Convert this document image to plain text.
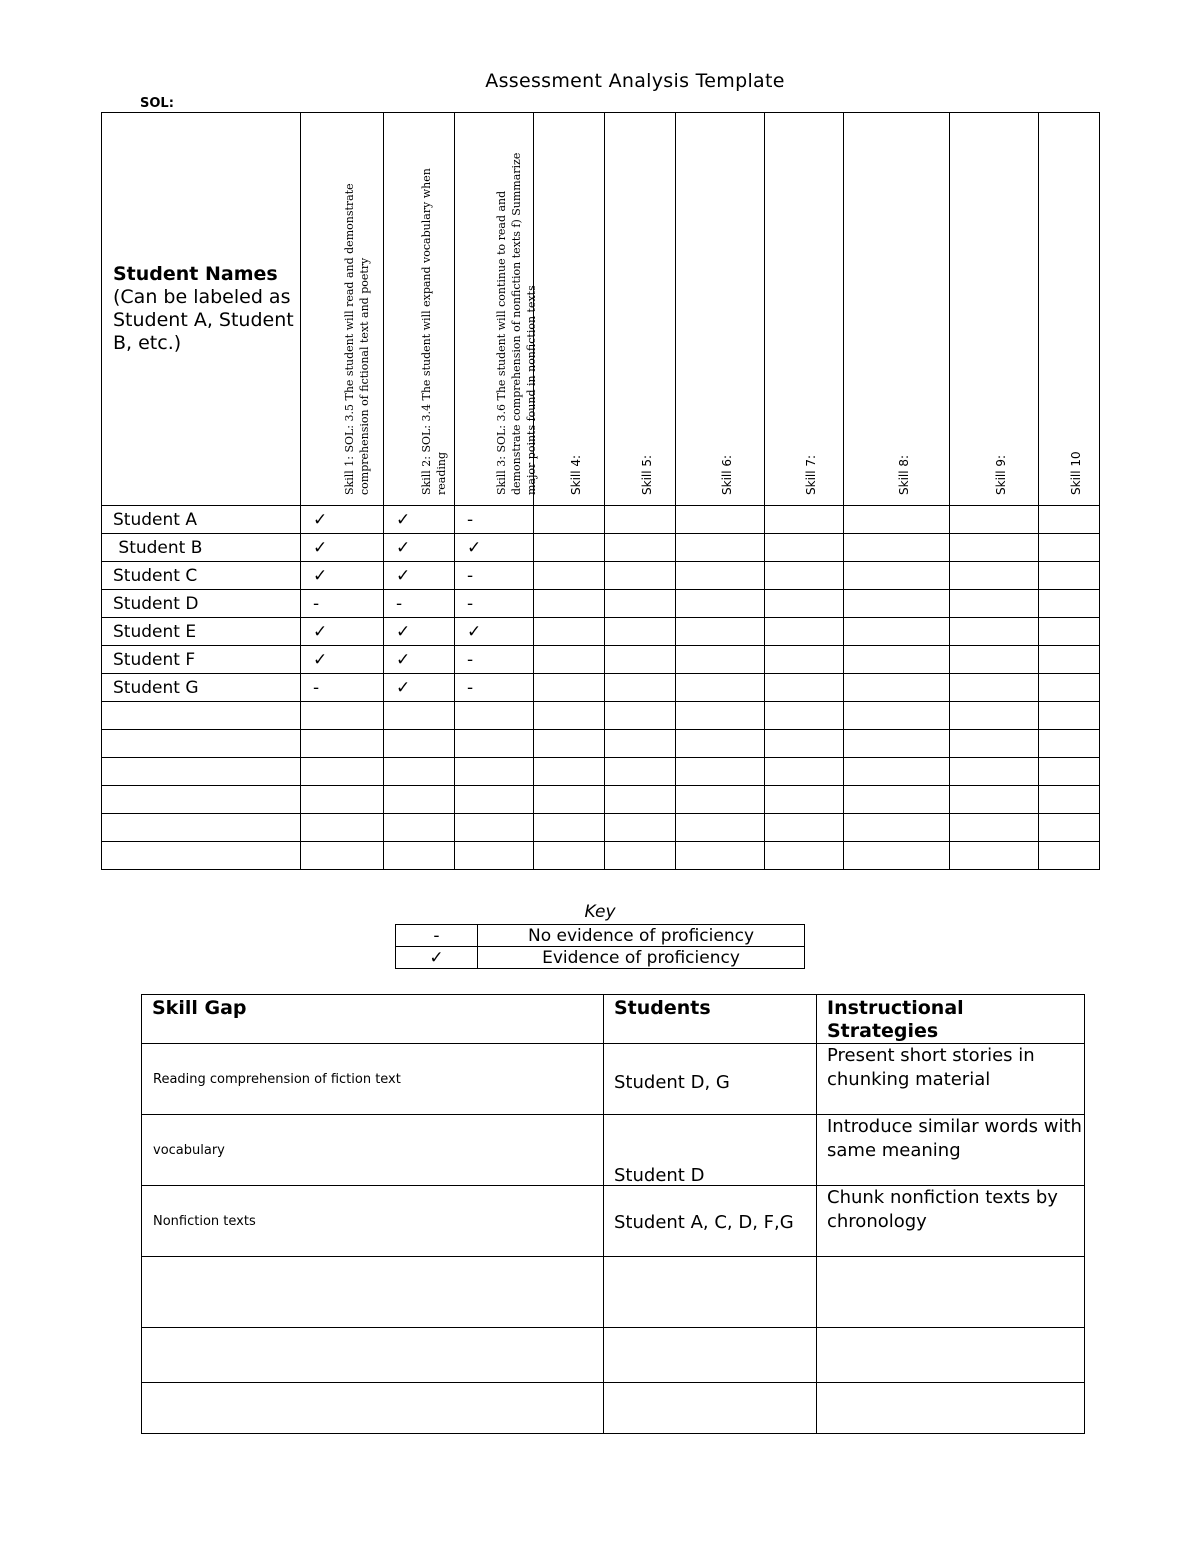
Assessment Analysis Template
SOL:
Student Names
(Can be labeled as Student A, Student B, etc.)	Skill 1: SOL: 3.5 The student will read and demonstrate comprehension of fictional text and poetry	Skill 2: SOL: 3.4 The student will expand vocabulary when reading	Skill 3: SOL: 3.6 The student will continue to read and demonstrate comprehension of nonfiction texts f) Summarize major points found in nonfiction texts	Skill 4:	Skill 5:	Skill 6:	Skill 7:	Skill 8:	Skill 9:	Skill 10

Student A	✓	✓	-							
Student B	✓	✓	✓							
Student C	✓	✓	-							
Student D	-	-	-							
Student E	✓	✓	✓							
Student F	✓	✓	-							
Student G	-	✓	-							

Key
-	No evidence of proficiency
✓	Evidence of proficiency
Skill Gap	Students	Instructional Strategies
Reading comprehension of fiction text	Student D, G	Present short stories in chunking material
vocabulary	Student D	Introduce similar words with same meaning
Nonfiction texts	Student A, C, D, F,G	Chunk nonfiction texts by chronology
